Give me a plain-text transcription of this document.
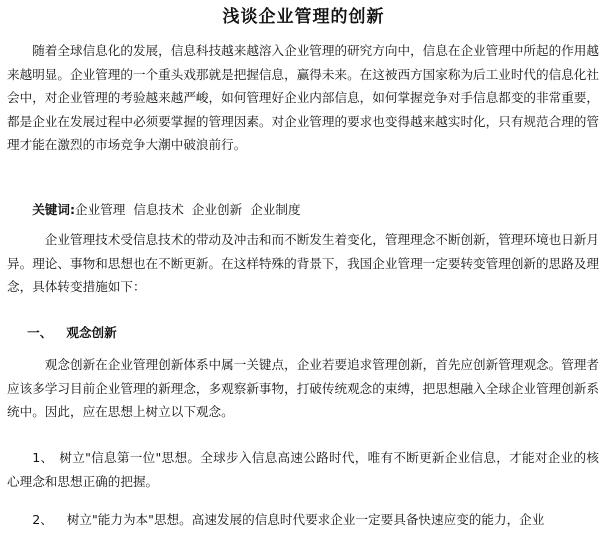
浅谈企业管理的创新

随着全球信息化的发展，信息科技越来越溶入企业管理的研究方向中，信息在企业管理中所起的作用越来越明显。企业管理的一个重头戏那就是把握信息，赢得未来。在这被西方国家称为后工业时代的信息化社会中，对企业管理的考验越来越严峻，如何管理好企业内部信息，如何掌握竞争对手信息都变的非常重要，都是企业在发展过程中必须要掌握的管理因素。对企业管理的要求也变得越来越实时化，只有规范合理的管理才能在激烈的市场竞争大潮中破浪前行。

关键词:企业管理 信息技术 企业创新 企业制度

企业管理技术受信息技术的带动及冲击和而不断发生着变化，管理理念不断创新，管理环境也日新月异。理论、事物和思想也在不断更新。在这样特殊的背景下，我国企业管理一定要转变管理创新的思路及理念，具体转变措施如下：

一、 观念创新

观念创新在企业管理创新体系中属一关键点，企业若要追求管理创新，首先应创新管理观念。管理者应该多学习目前企业管理的新理念，多观察新事物，打破传统观念的束缚，把思想融入全球企业管理创新系统中。因此，应在思想上树立以下观念。

1、 树立"信息第一位"思想。全球步入信息高速公路时代，唯有不断更新企业信息，才能对企业的核心理念和思想正确的把握。

2、 树立"能力为本"思想。高速发展的信息时代要求企业一定要具备快速应变的能力，企业
